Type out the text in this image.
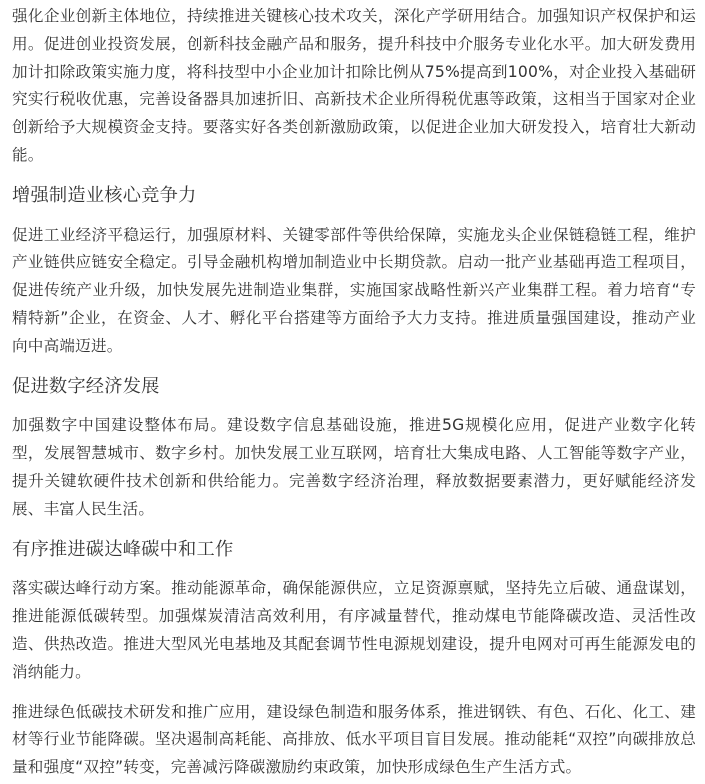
强化企业创新主体地位，持续推进关键核心技术攻关，深化产学研用结合。加强知识产权保护和运用。促进创业投资发展，创新科技金融产品和服务，提升科技中介服务专业化水平。加大研发费用加计扣除政策实施力度，将科技型中小企业加计扣除比例从75%提高到100%，对企业投入基础研究实行税收优惠，完善设备器具加速折旧、高新技术企业所得税优惠等政策，这相当于国家对企业创新给予大规模资金支持。要落实好各类创新激励政策，以促进企业加大研发投入，培育壮大新动能。

增强制造业核心竞争力

促进工业经济平稳运行，加强原材料、关键零部件等供给保障，实施龙头企业保链稳链工程，维护产业链供应链安全稳定。引导金融机构增加制造业中长期贷款。启动一批产业基础再造工程项目，促进传统产业升级，加快发展先进制造业集群，实施国家战略性新兴产业集群工程。着力培育“专精特新”企业，在资金、人才、孵化平台搭建等方面给予大力支持。推进质量强国建设，推动产业向中高端迈进。

促进数字经济发展

加强数字中国建设整体布局。建设数字信息基础设施，推进5G规模化应用，促进产业数字化转型，发展智慧城市、数字乡村。加快发展工业互联网，培育壮大集成电路、人工智能等数字产业，提升关键软硬件技术创新和供给能力。完善数字经济治理，释放数据要素潜力，更好赋能经济发展、丰富人民生活。

有序推进碳达峰碳中和工作

落实碳达峰行动方案。推动能源革命，确保能源供应，立足资源禀赋，坚持先立后破、通盘谋划，推进能源低碳转型。加强煤炭清洁高效利用，有序减量替代，推动煤电节能降碳改造、灵活性改造、供热改造。推进大型风光电基地及其配套调节性电源规划建设，提升电网对可再生能源发电的消纳能力。

推进绿色低碳技术研发和推广应用，建设绿色制造和服务体系，推进钢铁、有色、石化、化工、建材等行业节能降碳。坚决遏制高耗能、高排放、低水平项目盲目发展。推动能耗“双控”向碳排放总量和强度“双控”转变，完善减污降碳激励约束政策，加快形成绿色生产生活方式。
